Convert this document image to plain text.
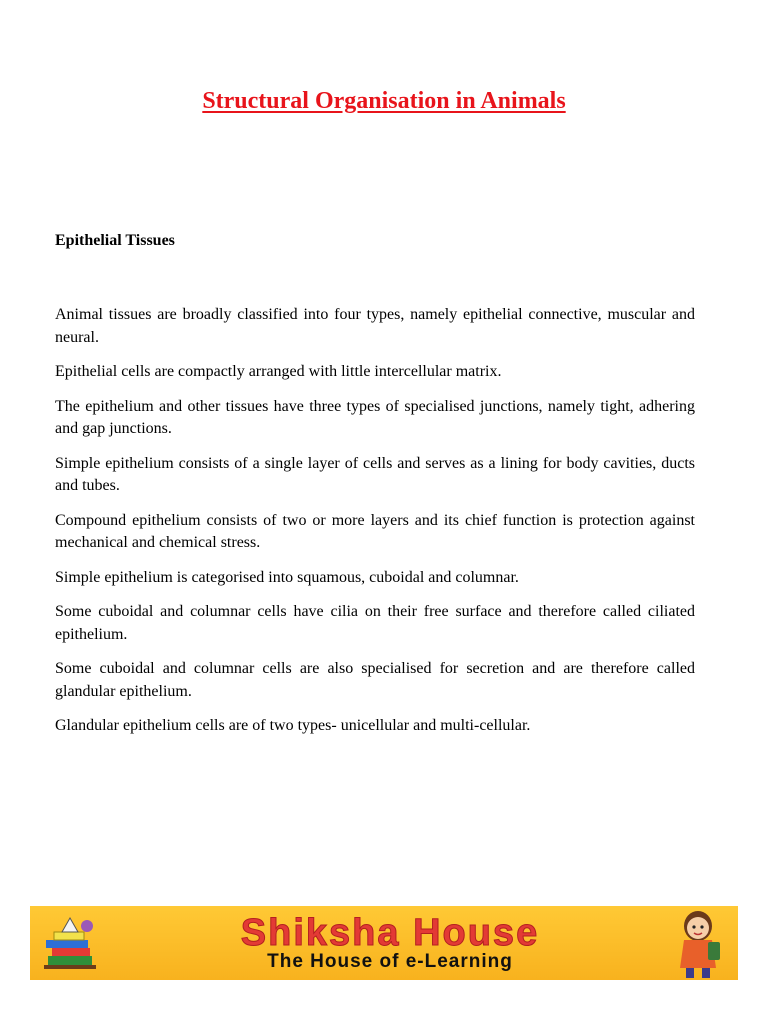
Structural Organisation in Animals
Epithelial Tissues

Animal tissues are broadly classified into four types, namely epithelial connective, muscular and neural.

Epithelial cells are compactly arranged with little intercellular matrix.

The epithelium and other tissues have three types of specialised junctions, namely tight, adhering and gap junctions.

Simple epithelium consists of a single layer of cells and serves as a lining for body cavities, ducts and tubes.

Compound epithelium consists of two or more layers and its chief function is protection against mechanical and chemical stress.

Simple epithelium is categorised into squamous, cuboidal and columnar.

Some cuboidal and columnar cells have cilia on their free surface and therefore called ciliated epithelium.

Some cuboidal and columnar cells are also specialised for secretion and are therefore called glandular epithelium.

Glandular epithelium cells are of two types- unicellular and multi-cellular.

Shiksha House
The House of e-Learning
